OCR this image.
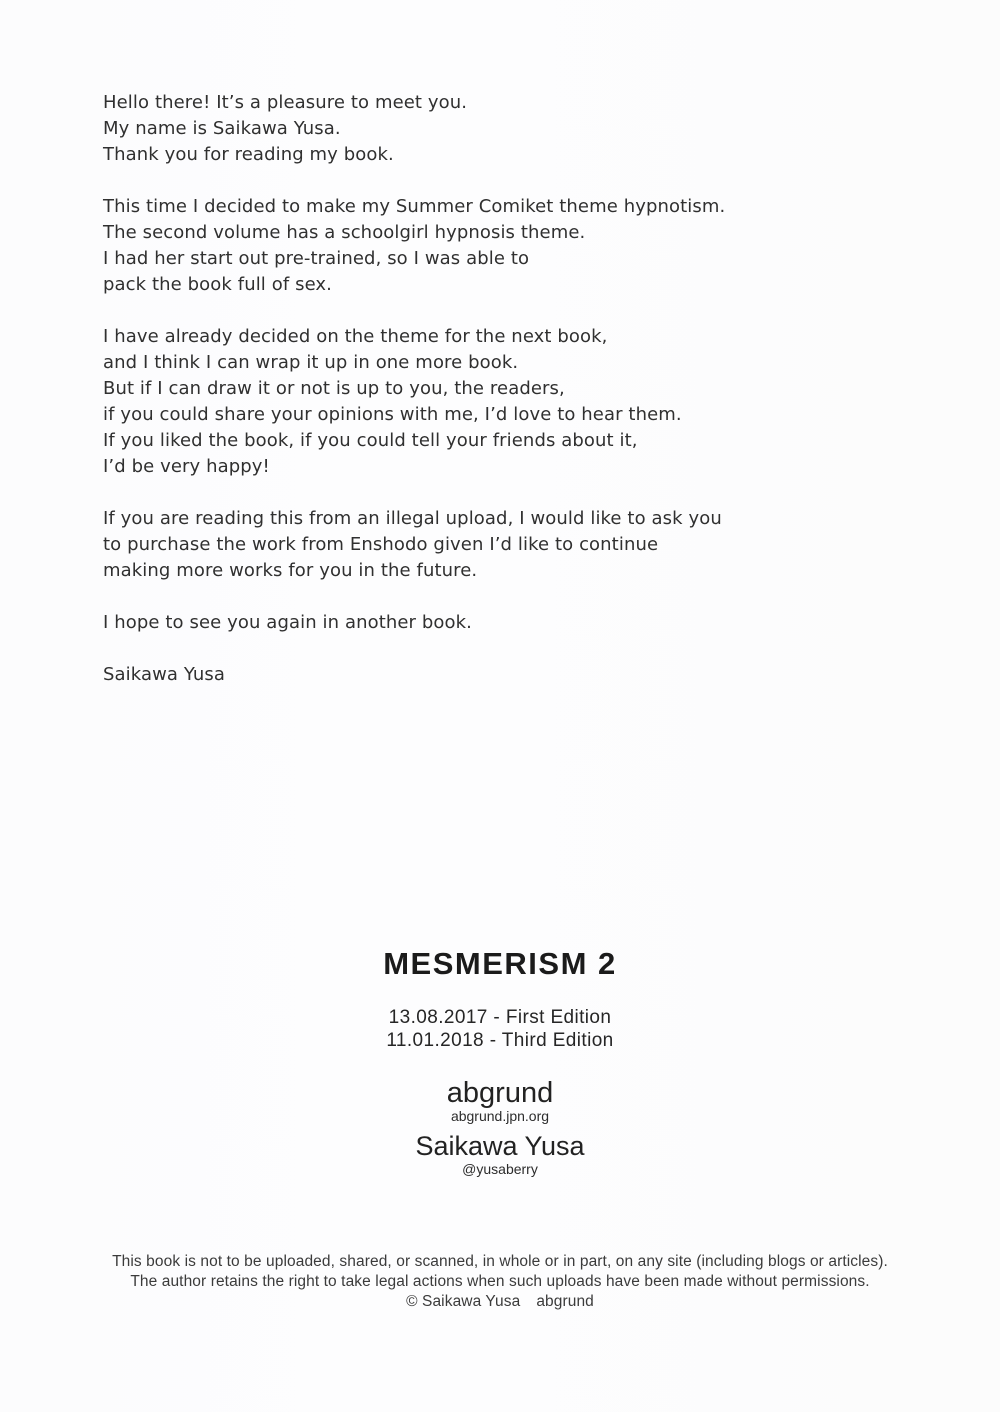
Hello there! It’s a pleasure to meet you.
My name is Saikawa Yusa.
Thank you for reading my book.
This time I decided to make my Summer Comiket theme hypnotism.
The second volume has a schoolgirl hypnosis theme.
I had her start out pre-trained, so I was able to
pack the book full of sex.
I have already decided on the theme for the next book,
and I think I can wrap it up in one more book.
But if I can draw it or not is up to you, the readers,
if you could share your opinions with me, I’d love to hear them.
If you liked the book, if you could tell your friends about it,
I’d be very happy!
If you are reading this from an illegal upload, I would like to ask you
to purchase the work from Enshodo given I’d like to continue
making more works for you in the future.
I hope to see you again in another book.
Saikawa Yusa
MESMERISM 2
13.08.2017 - First Edition
11.01.2018 - Third Edition
abgrund
abgrund.jpn.org
Saikawa Yusa
@yusaberry
This book is not to be uploaded, shared, or scanned, in whole or in part, on any site (including blogs or articles).
The author retains the right to take legal actions when such uploads have been made without permissions.
© Saikawa Yusa abgrund
